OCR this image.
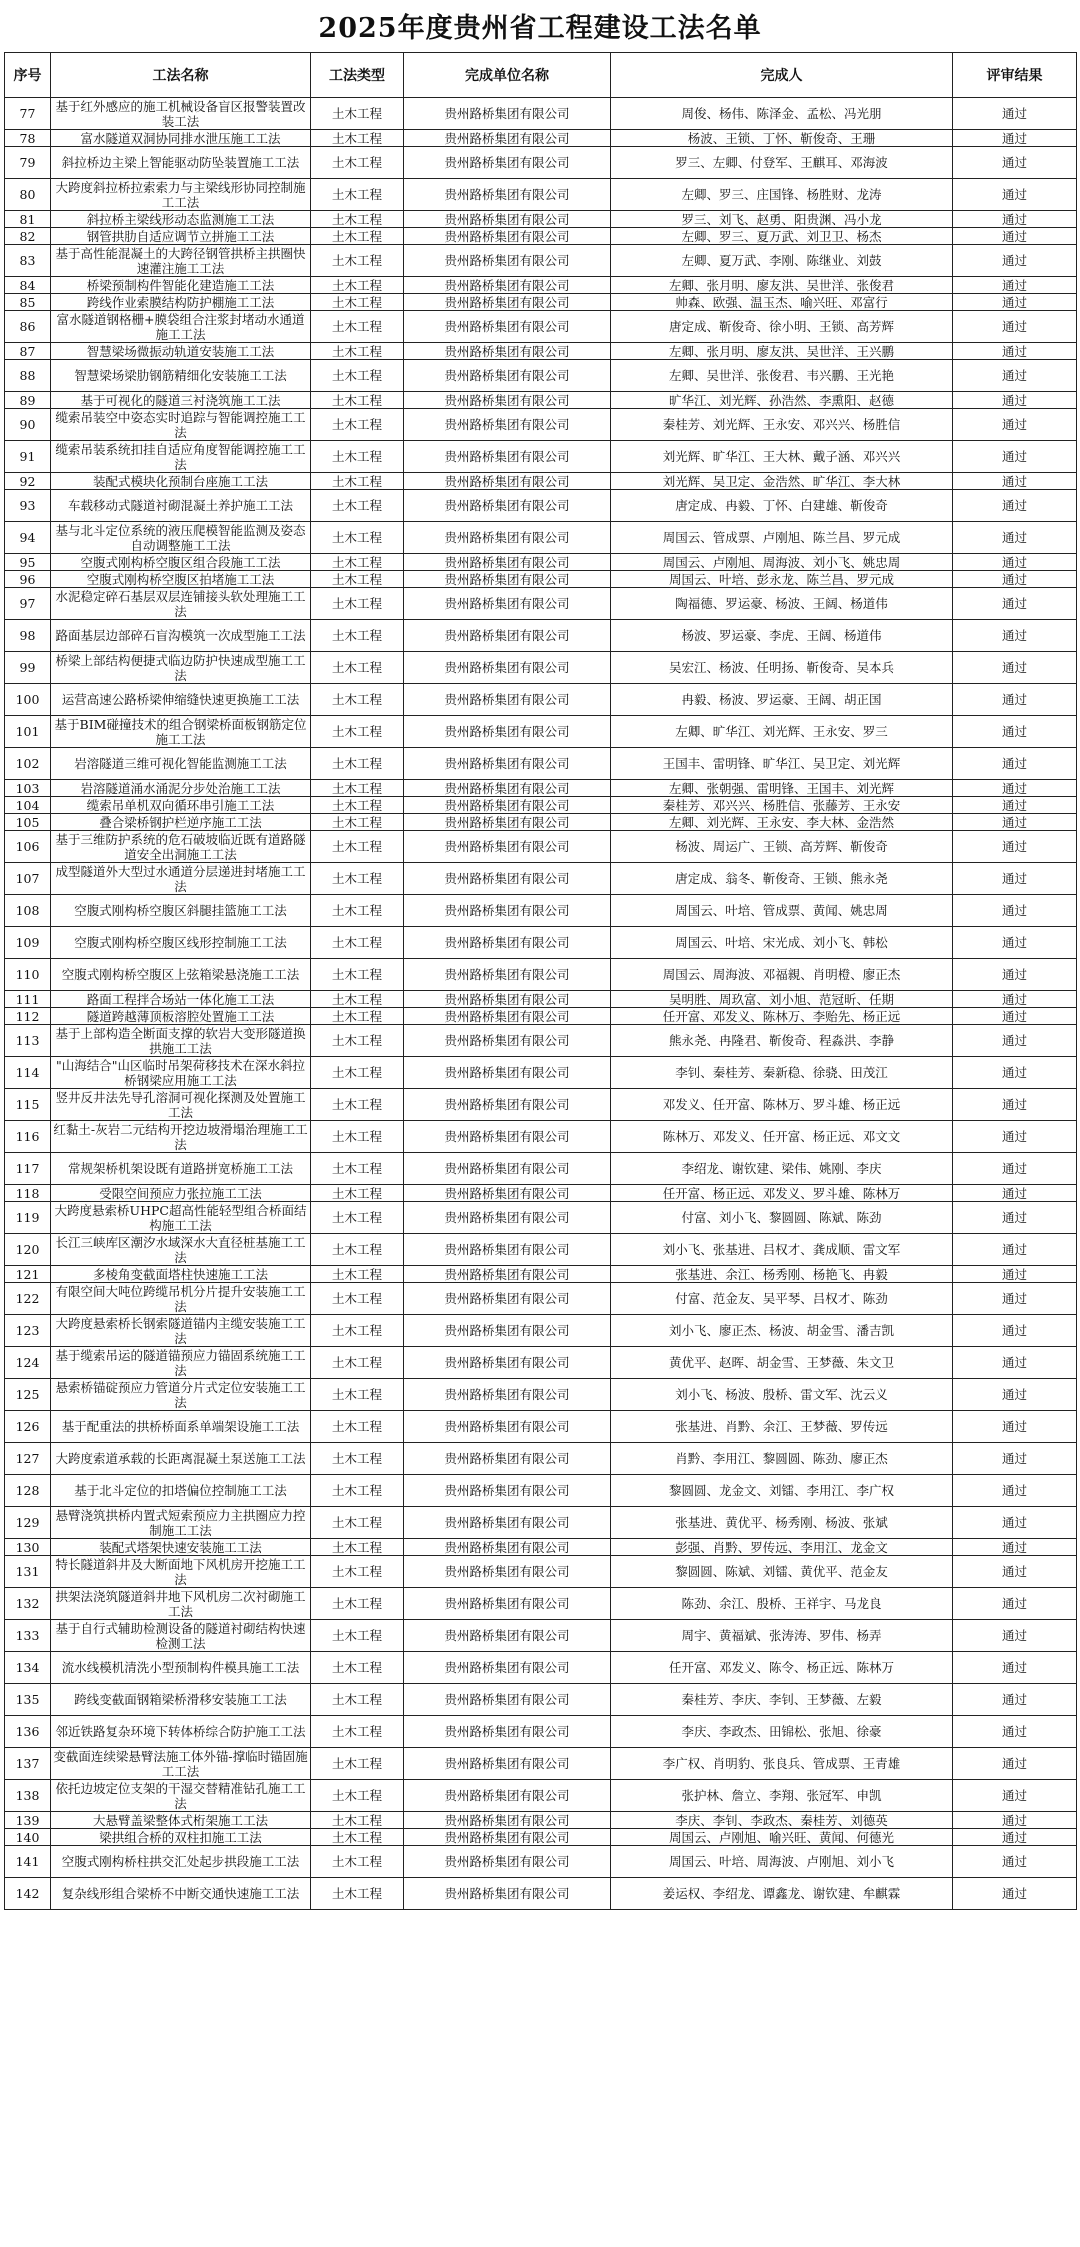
2025年度贵州省工程建设工法名单
序号	工法名称	工法类型	完成单位名称	完成人	评审结果
77	基于红外感应的施工机械设备盲区报警装置改装工法	土木工程	贵州路桥集团有限公司	周俊、杨伟、陈泽金、孟松、冯光朋	通过
78	富水隧道双洞协同排水泄压施工工法	土木工程	贵州路桥集团有限公司	杨波、王锁、丁怀、靳俊奇、王珊	通过
79	斜拉桥边主梁上智能驱动防坠装置施工工法	土木工程	贵州路桥集团有限公司	罗三、左卿、付登军、王麒耳、邓海波	通过
80	大跨度斜拉桥拉索索力与主梁线形协同控制施工工法	土木工程	贵州路桥集团有限公司	左卿、罗三、庄国锋、杨胜财、龙涛	通过
81	斜拉桥主梁线形动态监测施工工法	土木工程	贵州路桥集团有限公司	罗三、刘飞、赵勇、阳贵渊、冯小龙	通过
82	钢管拱肋自适应调节立拼施工工法	土木工程	贵州路桥集团有限公司	左卿、罗三、夏万武、刘卫卫、杨杰	通过
83	基于高性能混凝土的大跨径钢管拱桥主拱圈快速灌注施工工法	土木工程	贵州路桥集团有限公司	左卿、夏万武、李刚、陈继业、刘鼓	通过
84	桥梁预制构件智能化建造施工工法	土木工程	贵州路桥集团有限公司	左卿、张月明、廖友洪、吴世洋、张俊君	通过
85	跨线作业索膜结构防护棚施工工法	土木工程	贵州路桥集团有限公司	帅森、欧强、温玉杰、喻兴旺、邓富行	通过
86	富水隧道钢格栅+膜袋组合注浆封堵动水通道施工工法	土木工程	贵州路桥集团有限公司	唐定成、靳俊奇、徐小明、王锁、高芳辉	通过
87	智慧梁场微振动轨道安装施工工法	土木工程	贵州路桥集团有限公司	左卿、张月明、廖友洪、吴世洋、王兴鹏	通过
88	智慧梁场梁肋钢筋精细化安装施工工法	土木工程	贵州路桥集团有限公司	左卿、吴世洋、张俊君、韦兴鹏、王光艳	通过
89	基于可视化的隧道三衬浇筑施工工法	土木工程	贵州路桥集团有限公司	旷华江、刘光辉、孙浩然、李熏阳、赵德	通过
90	缆索吊装空中姿态实时追踪与智能调控施工工法	土木工程	贵州路桥集团有限公司	秦桂芳、刘光辉、王永安、邓兴兴、杨胜信	通过
91	缆索吊装系统扣挂自适应角度智能调控施工工法	土木工程	贵州路桥集团有限公司	刘光辉、旷华江、王大林、戴子涵、邓兴兴	通过
92	装配式模块化预制台座施工工法	土木工程	贵州路桥集团有限公司	刘光辉、吴卫定、金浩然、旷华江、李大林	通过
93	车载移动式隧道衬砌混凝土养护施工工法	土木工程	贵州路桥集团有限公司	唐定成、冉毅、丁怀、白建雄、靳俊奇	通过
94	基与北斗定位系统的液压爬模智能监测及姿态自动调整施工工法	土木工程	贵州路桥集团有限公司	周国云、管成票、卢刚旭、陈兰昌、罗元成	通过
95	空腹式刚构桥空腹区组合段施工工法	土木工程	贵州路桥集团有限公司	周国云、卢刚旭、周海波、刘小飞、姚忠周	通过
96	空腹式刚构桥空腹区拍堵施工工法	土木工程	贵州路桥集团有限公司	周国云、叶培、彭永龙、陈兰昌、罗元成	通过
97	水泥稳定碎石基层双层连铺接头软处理施工工法	土木工程	贵州路桥集团有限公司	陶福德、罗运豪、杨波、王阔、杨道伟	通过
98	路面基层边部碎石盲沟模筑一次成型施工工法	土木工程	贵州路桥集团有限公司	杨波、罗运豪、李虎、王阔、杨道伟	通过
99	桥梁上部结构便捷式临边防护快速成型施工工法	土木工程	贵州路桥集团有限公司	吴宏江、杨波、任明扬、靳俊奇、吴本兵	通过
100	运营高速公路桥梁伸缩缝快速更换施工工法	土木工程	贵州路桥集团有限公司	冉毅、杨波、罗运豪、王阔、胡正国	通过
101	基于BIM碰撞技术的组合钢梁桥面板钢筋定位施工工法	土木工程	贵州路桥集团有限公司	左卿、旷华江、刘光辉、王永安、罗三	通过
102	岩溶隧道三维可视化智能监测施工工法	土木工程	贵州路桥集团有限公司	王国丰、雷明锋、旷华江、吴卫定、刘光辉	通过
103	岩溶隧道涌水涌泥分步处治施工工法	土木工程	贵州路桥集团有限公司	左卿、张朝强、雷明锋、王国丰、刘光辉	通过
104	缆索吊单机双向循环串引施工工法	土木工程	贵州路桥集团有限公司	秦桂芳、邓兴兴、杨胜信、张藤芳、王永安	通过
105	叠合梁桥钢护栏逆序施工工法	土木工程	贵州路桥集团有限公司	左卿、刘光辉、王永安、李大林、金浩然	通过
106	基于三维防护系统的危石破坡临近既有道路隧道安全出洞施工工法	土木工程	贵州路桥集团有限公司	杨波、周运广、王锁、高芳辉、靳俊奇	通过
107	成型隧道外大型过水通道分层递进封堵施工工法	土木工程	贵州路桥集团有限公司	唐定成、翁冬、靳俊奇、王锁、熊永尧	通过
108	空腹式刚构桥空腹区斜腿挂篮施工工法	土木工程	贵州路桥集团有限公司	周国云、叶培、管成票、黄闻、姚忠周	通过
109	空腹式刚构桥空腹区线形控制施工工法	土木工程	贵州路桥集团有限公司	周国云、叶培、宋光成、刘小飞、韩松	通过
110	空腹式刚构桥空腹区上弦箱梁悬浇施工工法	土木工程	贵州路桥集团有限公司	周国云、周海波、邓福親、肖明橙、廖正杰	通过
111	路面工程拌合场站一体化施工工法	土木工程	贵州路桥集团有限公司	吴明胜、周玖富、刘小旭、范冠昕、任期	通过
112	隧道跨越薄顶板溶腔处置施工工法	土木工程	贵州路桥集团有限公司	任开富、邓发义、陈林万、李贻先、杨正远	通过
113	基于上部构造全断面支撑的软岩大变形隧道换拱施工工法	土木工程	贵州路桥集团有限公司	熊永尧、冉隆君、靳俊奇、程淼洪、李静	通过
114	"山海结合"山区临时吊架荷移技术在深水斜拉桥钢梁应用施工工法	土木工程	贵州路桥集团有限公司	李钊、秦桂芳、秦新稳、徐骁、田茂江	通过
115	竖井反井法先导孔溶洞可视化探测及处置施工工法	土木工程	贵州路桥集团有限公司	邓发义、任开富、陈林万、罗斗雄、杨正远	通过
116	红黏土-灰岩二元结构开挖边坡滑塌治理施工工法	土木工程	贵州路桥集团有限公司	陈林万、邓发义、任开富、杨正远、邓文文	通过
117	常规架桥机架设既有道路拼宽桥施工工法	土木工程	贵州路桥集团有限公司	李绍龙、谢钦建、梁伟、姚刚、李庆	通过
118	受限空间预应力张拉施工工法	土木工程	贵州路桥集团有限公司	任开富、杨正远、邓发义、罗斗雄、陈林万	通过
119	大跨度悬索桥UHPC超高性能轻型组合桥面结构施工工法	土木工程	贵州路桥集团有限公司	付富、刘小飞、黎圆圆、陈斌、陈劲	通过
120	长江三峡库区潮汐水域深水大直径桩基施工工法	土木工程	贵州路桥集团有限公司	刘小飞、张基进、吕权才、龚成顺、雷文军	通过
121	多棱角变截面塔柱快速施工工法	土木工程	贵州路桥集团有限公司	张基进、余江、杨秀刚、杨艳飞、冉毅	通过
122	有限空间大吨位跨缆吊机分片提升安装施工工法	土木工程	贵州路桥集团有限公司	付富、范金友、吴平琴、吕权才、陈劲	通过
123	大跨度悬索桥长钢索隧道锚内主缆安装施工工法	土木工程	贵州路桥集团有限公司	刘小飞、廖正杰、杨波、胡金雪、潘吉凯	通过
124	基于缆索吊运的隧道锚预应力锚固系统施工工法	土木工程	贵州路桥集团有限公司	黄优平、赵晖、胡金雪、王梦薇、朱文卫	通过
125	悬索桥锚碇预应力管道分片式定位安装施工工法	土木工程	贵州路桥集团有限公司	刘小飞、杨波、殷桥、雷文军、沈云义	通过
126	基于配重法的拱桥桥面系单端架设施工工法	土木工程	贵州路桥集团有限公司	张基进、肖黔、余江、王梦薇、罗传远	通过
127	大跨度索道承载的长距离混凝土泵送施工工法	土木工程	贵州路桥集团有限公司	肖黔、李用江、黎圆圆、陈劲、廖正杰	通过
128	基于北斗定位的扣塔偏位控制施工工法	土木工程	贵州路桥集团有限公司	黎圆圆、龙金文、刘镭、李用江、李广权	通过
129	悬臂浇筑拱桥内置式短索预应力主拱圈应力控制施工工法	土木工程	贵州路桥集团有限公司	张基进、黄优平、杨秀刚、杨波、张斌	通过
130	装配式塔架快速安装施工工法	土木工程	贵州路桥集团有限公司	彭强、肖黔、罗传远、李用江、龙金文	通过
131	特长隧道斜井及大断面地下风机房开挖施工工法	土木工程	贵州路桥集团有限公司	黎圆圆、陈斌、刘镭、黄优平、范金友	通过
132	拱架法浇筑隧道斜井地下风机房二次衬砌施工工法	土木工程	贵州路桥集团有限公司	陈劲、余江、殷桥、王祥宇、马龙良	通过
133	基于自行式辅助检测设备的隧道衬砌结构快速检测工法	土木工程	贵州路桥集团有限公司	周宇、黄福斌、张涛涛、罗伟、杨弄	通过
134	流水线模机清洗小型预制构件模具施工工法	土木工程	贵州路桥集团有限公司	任开富、邓发义、陈令、杨正远、陈林万	通过
135	跨线变截面钢箱梁桥滑移安装施工工法	土木工程	贵州路桥集团有限公司	秦桂芳、李庆、李钊、王梦薇、左毅	通过
136	邻近铁路复杂环境下转体桥综合防护施工工法	土木工程	贵州路桥集团有限公司	李庆、李政杰、田锦松、张旭、徐豪	通过
137	变截面连续梁悬臂法施工体外锚-撑临时锚固施工工法	土木工程	贵州路桥集团有限公司	李广权、肖明豹、张良兵、管成票、王青雄	通过
138	依托边坡定位支架的干湿交替精准钻孔施工工法	土木工程	贵州路桥集团有限公司	张护林、詹立、李翔、张冠军、申凯	通过
139	大悬臂盖梁整体式桁架施工工法	土木工程	贵州路桥集团有限公司	李庆、李钊、李政杰、秦桂芳、刘德英	通过
140	梁拱组合桥的双柱扣施工工法	土木工程	贵州路桥集团有限公司	周国云、卢刚旭、喻兴旺、黄闻、何德光	通过
141	空腹式刚构桥柱拱交汇处起步拱段施工工法	土木工程	贵州路桥集团有限公司	周国云、叶培、周海波、卢刚旭、刘小飞	通过
142	复杂线形组合梁桥不中断交通快速施工工法	土木工程	贵州路桥集团有限公司	姜运权、李绍龙、谭鑫龙、谢钦建、牟麒霖	通过
